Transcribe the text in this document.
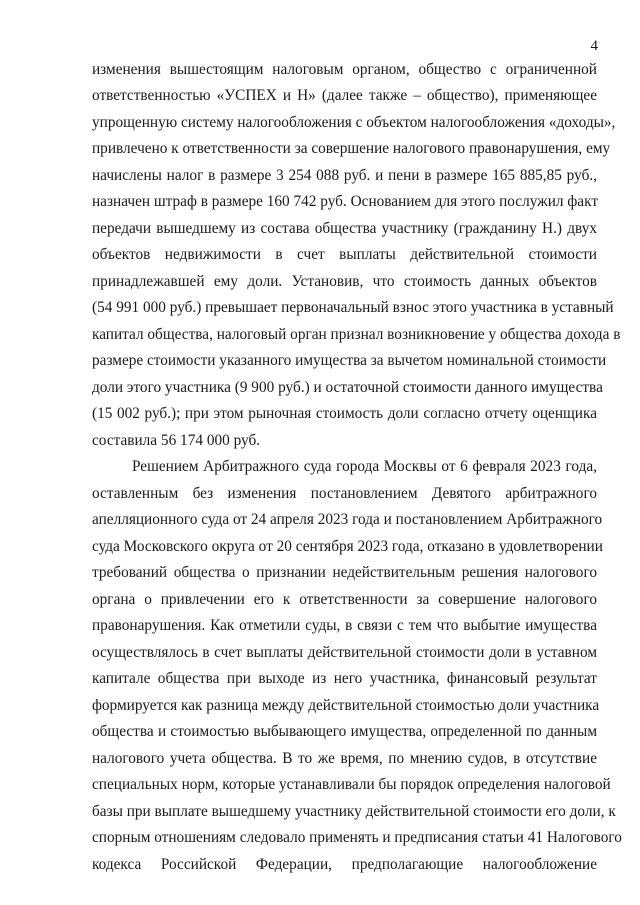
4
изменения вышестоящим налоговым органом, общество с ограниченной
ответственностью «УСПЕХ и Н» (далее также – общество), применяющее
упрощенную систему налогообложения с объектом налогообложения «доходы»,
привлечено к ответственности за совершение налогового правонарушения, ему
начислены налог в размере 3 254 088 руб. и пени в размере 165 885,85 руб.,
назначен штраф в размере 160 742 руб. Основанием для этого послужил факт
передачи вышедшему из состава общества участнику (гражданину Н.) двух
объектов недвижимости в счет выплаты действительной стоимости
принадлежавшей ему доли. Установив, что стоимость данных объектов
(54 991 000 руб.) превышает первоначальный взнос этого участника в уставный
капитал общества, налоговый орган признал возникновение у общества дохода в
размере стоимости указанного имущества за вычетом номинальной стоимости
доли этого участника (9 900 руб.) и остаточной стоимости данного имущества
(15 002 руб.); при этом рыночная стоимость доли согласно отчету оценщика
составила 56 174 000 руб.
Решением Арбитражного суда города Москвы от 6 февраля 2023 года,
оставленным без изменения постановлением Девятого арбитражного
апелляционного суда от 24 апреля 2023 года и постановлением Арбитражного
суда Московского округа от 20 сентября 2023 года, отказано в удовлетворении
требований общества о признании недействительным решения налогового
органа о привлечении его к ответственности за совершение налогового
правонарушения. Как отметили суды, в связи с тем что выбытие имущества
осуществлялось в счет выплаты действительной стоимости доли в уставном
капитале общества при выходе из него участника, финансовый результат
формируется как разница между действительной стоимостью доли участника
общества и стоимостью выбывающего имущества, определенной по данным
налогового учета общества. В то же время, по мнению судов, в отсутствие
специальных норм, которые устанавливали бы порядок определения налоговой
базы при выплате вышедшему участнику действительной стоимости его доли, к
спорным отношениям следовало применять и предписания статьи 41 Налогового
кодекса Российской Федерации, предполагающие налогообложение
